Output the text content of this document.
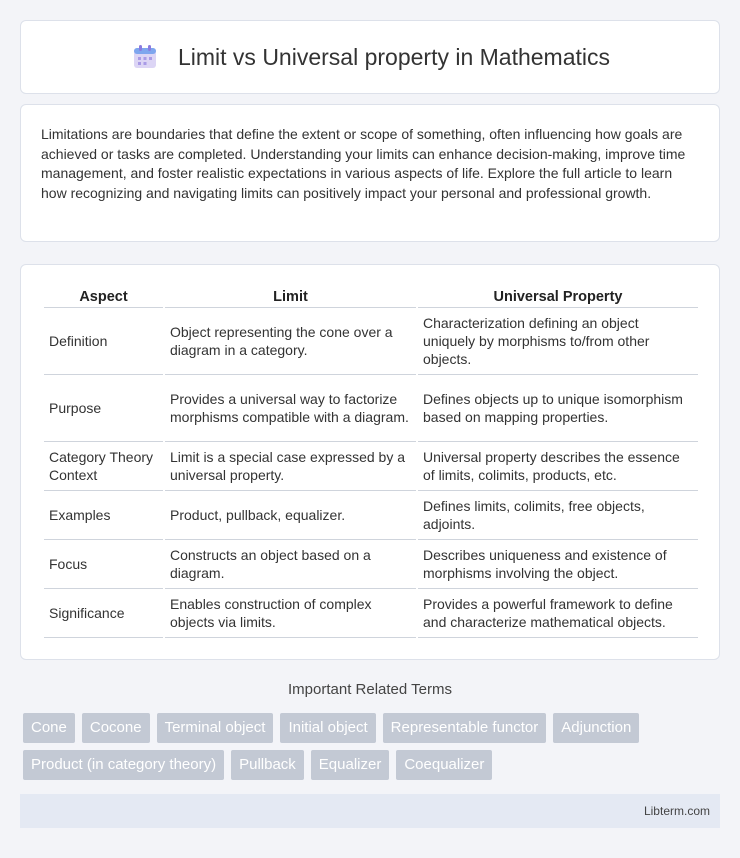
Limit vs Universal property in Mathematics

Limitations are boundaries that define the extent or scope of something, often influencing how goals are achieved or tasks are completed. Understanding your limits can enhance decision-making, improve time management, and foster realistic expectations in various aspects of life. Explore the full article to learn how recognizing and navigating limits can positively impact your personal and professional growth.

Aspect	Limit	Universal Property
Definition	Object representing the cone over a diagram in a category.	Characterization defining an object uniquely by morphisms to/from other objects.
Purpose	Provides a universal way to factorize morphisms compatible with a diagram.	Defines objects up to unique isomorphism based on mapping properties.
Category Theory Context	Limit is a special case expressed by a universal property.	Universal property describes the essence of limits, colimits, products, etc.
Examples	Product, pullback, equalizer.	Defines limits, colimits, free objects, adjoints.
Focus	Constructs an object based on a diagram.	Describes uniqueness and existence of morphisms involving the object.
Significance	Enables construction of complex objects via limits.	Provides a powerful framework to define and characterize mathematical objects.
Important Related Terms
Cone	Cocone	Terminal object	Initial object	Representable functor	Adjunction
Product (in category theory)	Pullback	Equalizer	Coequalizer
Libterm.com
